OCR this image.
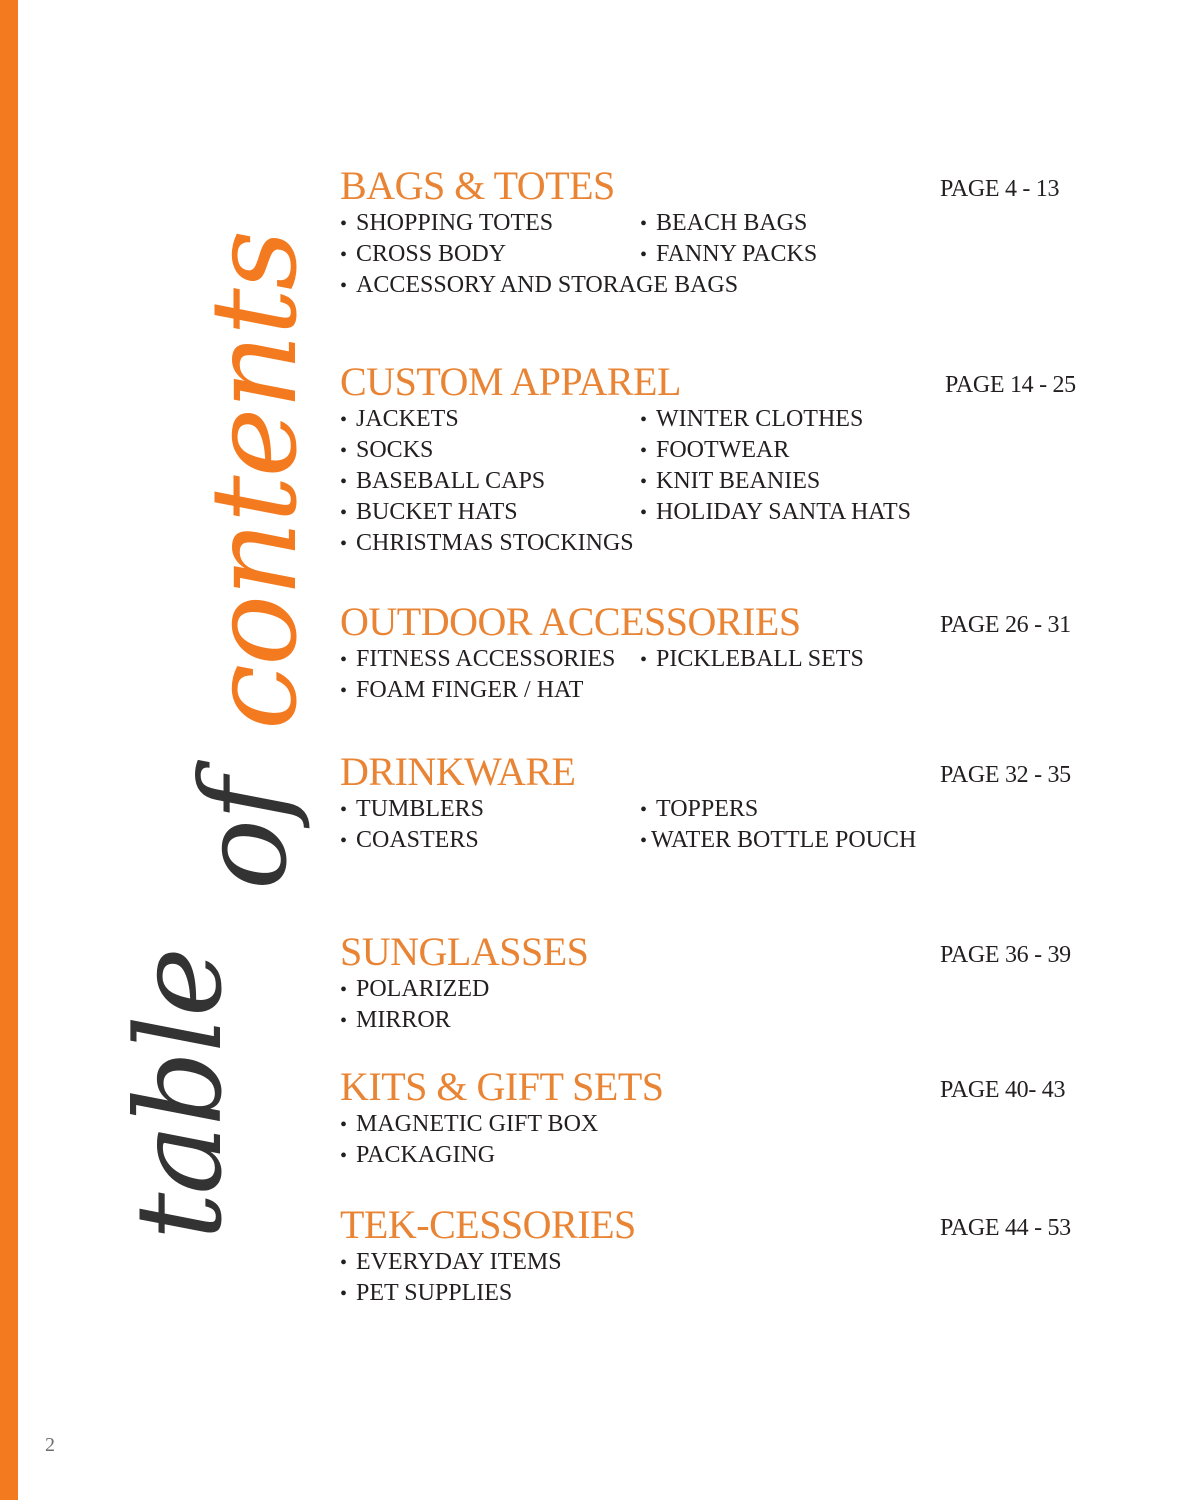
table
of
contents
BAGS & TOTES	PAGE 4 - 13
• SHOPPING TOTES	• BEACH BAGS
• CROSS BODY	• FANNY PACKS
• ACCESSORY AND STORAGE BAGS
CUSTOM APPAREL	PAGE 14 - 25
• JACKETS	• WINTER CLOTHES
• SOCKS	• FOOTWEAR
• BASEBALL CAPS	• KNIT BEANIES
• BUCKET HATS	• HOLIDAY SANTA HATS
• CHRISTMAS STOCKINGS
OUTDOOR ACCESSORIES	PAGE 26 - 31
• FITNESS ACCESSORIES	• PICKLEBALL SETS
• FOAM FINGER / HAT
DRINKWARE	PAGE 32 - 35
• TUMBLERS	• TOPPERS
• COASTERS	• WATER BOTTLE POUCH
SUNGLASSES	PAGE 36 - 39
• POLARIZED
• MIRROR
KITS & GIFT SETS	PAGE 40- 43
• MAGNETIC GIFT BOX
• PACKAGING
TEK-CESSORIES	PAGE 44 - 53
• EVERYDAY ITEMS
• PET SUPPLIES
2
